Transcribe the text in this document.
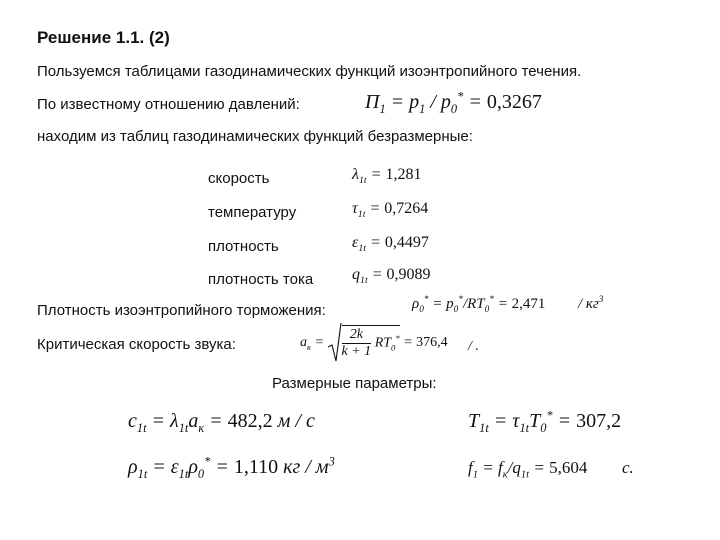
Решение 1.1. (2)
Пользуемся таблицами газодинамических функций изоэнтропийного течения.
По известному отношению давлений:	$\Pi_1 = p_1 / p_0^* = 0,3267$
находим из таблиц газодинамических функций безразмерные:
скорость	$\lambda_{1t} = 1,281$
температуру	$\tau_{1t} = 0,7264$
плотность	$\varepsilon_{1t} = 0,4497$
плотность тока $q_{1t} = 0,9089$
Плотность изоэнтропийного торможения:	$\rho_0^* = p_0^*/RT_0^* = 2,471 / кг^3$
Критическая скорость звука:	$a_к = \frac{2k}{k + 1} RT_0^* = 376,4$ / .
Размерные параметры:
$c_{1t} = \lambda_{1t}a_к = 482,2$ м / с	$T_{1t} = \tau_{1t}T_0^* = 307,2$
$\rho_{1t} = \varepsilon_{1t}\rho_0^* = 1,110$ кг / $м^3$	$f_1 = f_к/q_{1t} = 5,604$ с.
